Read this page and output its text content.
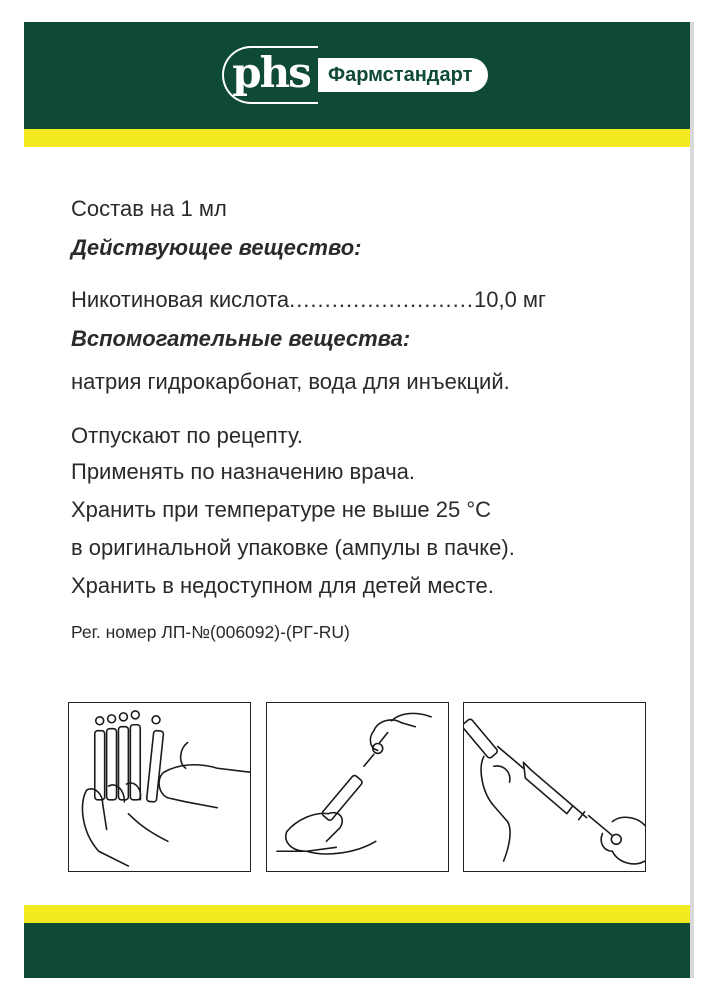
phs Фармстандарт
Состав на 1 мл
Действующее вещество:
Никотиновая кислота..........................10,0 мг
Вспомогательные вещества:
натрия гидрокарбонат, вода для инъекций.
Отпускают по рецепту.
Применять по назначению врача.
Хранить при температуре не выше 25 °С
в оригинальной упаковке (ампулы в пачке).
Хранить в недоступном для детей месте.
Рег. номер ЛП-№(006092)-(РГ-RU)
